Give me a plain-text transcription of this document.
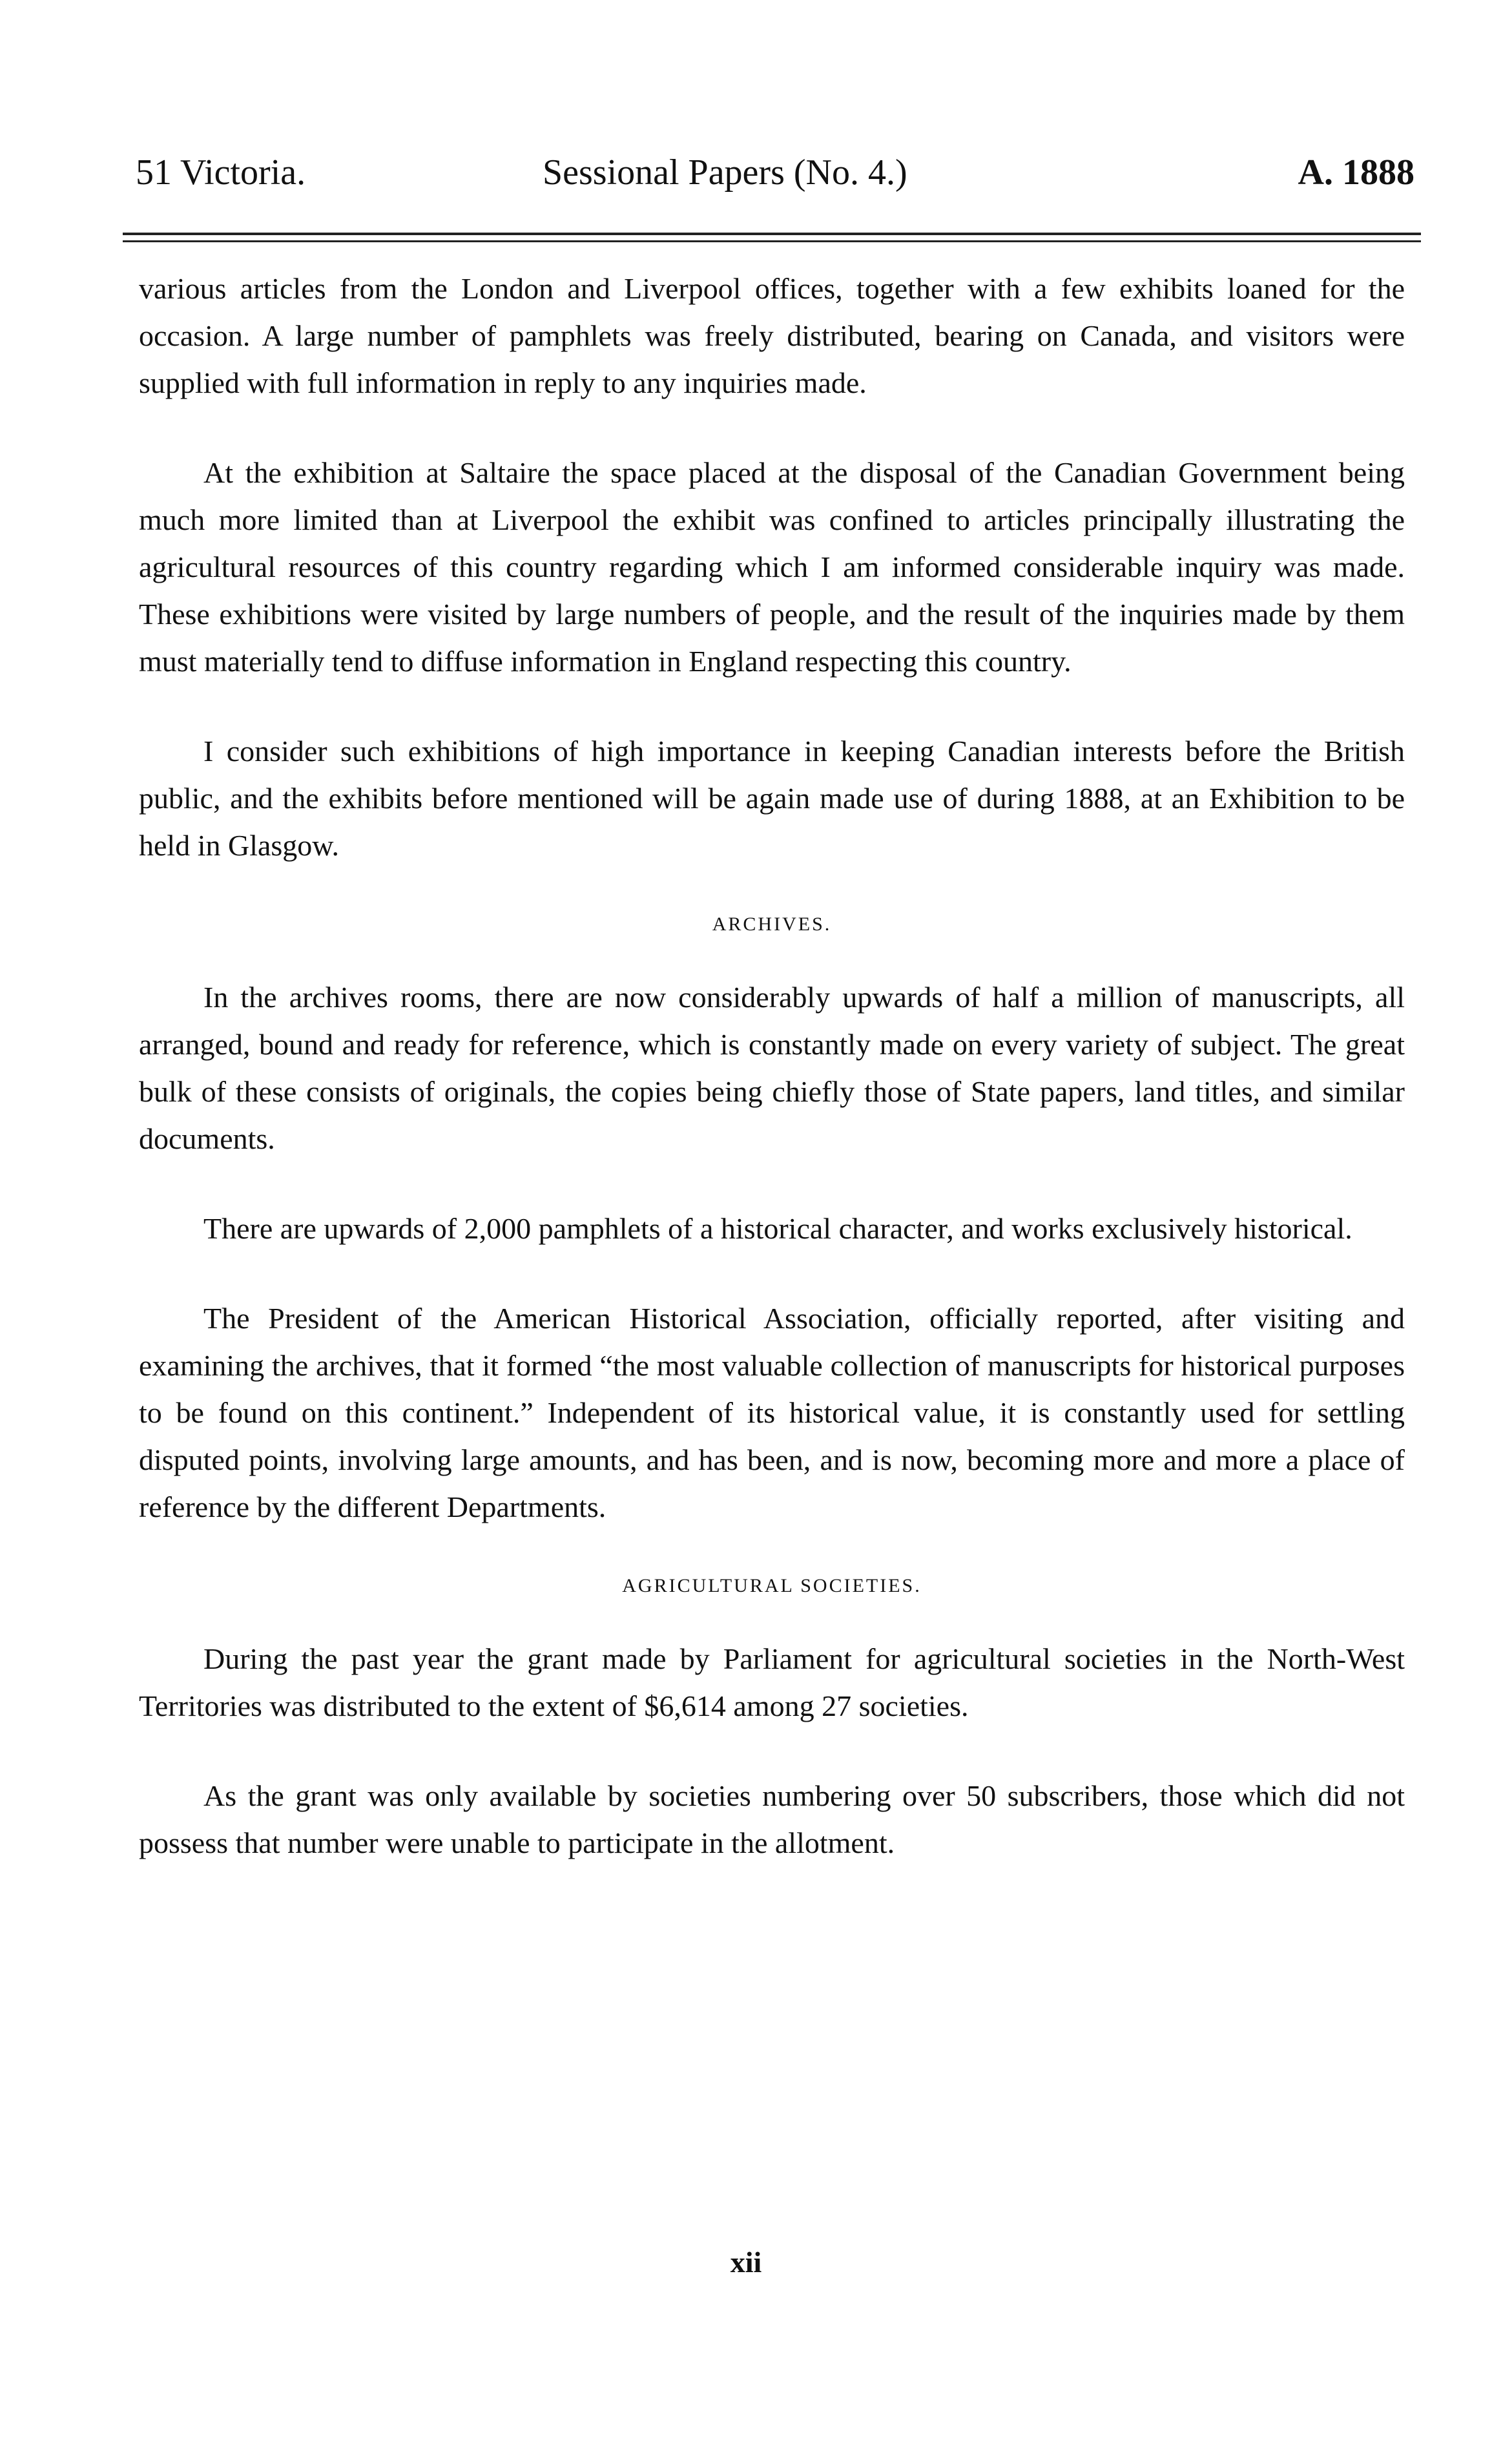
51 Victoria.	Sessional Papers (No. 4.)	A. 1888

various articles from the London and Liverpool offices, together with a few exhibits loaned for the occasion. A large number of pamphlets was freely distributed, bearing on Canada, and visitors were supplied with full information in reply to any inquiries made.

At the exhibition at Saltaire the space placed at the disposal of the Canadian Government being much more limited than at Liverpool the exhibit was confined to articles principally illustrating the agricultural resources of this country regarding which I am informed considerable inquiry was made. These exhibitions were visited by large numbers of people, and the result of the inquiries made by them must materially tend to diffuse information in England respecting this country.

I consider such exhibitions of high importance in keeping Canadian interests before the British public, and the exhibits before mentioned will be again made use of during 1888, at an Exhibition to be held in Glasgow.

ARCHIVES.

In the archives rooms, there are now considerably upwards of half a million of manuscripts, all arranged, bound and ready for reference, which is constantly made on every variety of subject. The great bulk of these consists of originals, the copies being chiefly those of State papers, land titles, and similar documents.

There are upwards of 2,000 pamphlets of a historical character, and works exclusively historical.

The President of the American Historical Association, officially reported, after visiting and examining the archives, that it formed “the most valuable collection of manuscripts for historical purposes to be found on this continent.” Independent of its historical value, it is constantly used for settling disputed points, involving large amounts, and has been, and is now, becoming more and more a place of reference by the different Departments.

AGRICULTURAL SOCIETIES.

During the past year the grant made by Parliament for agricultural societies in the North-West Territories was distributed to the extent of $6,614 among 27 societies.

As the grant was only available by societies numbering over 50 subscribers, those which did not possess that number were unable to participate in the allotment.

xii
